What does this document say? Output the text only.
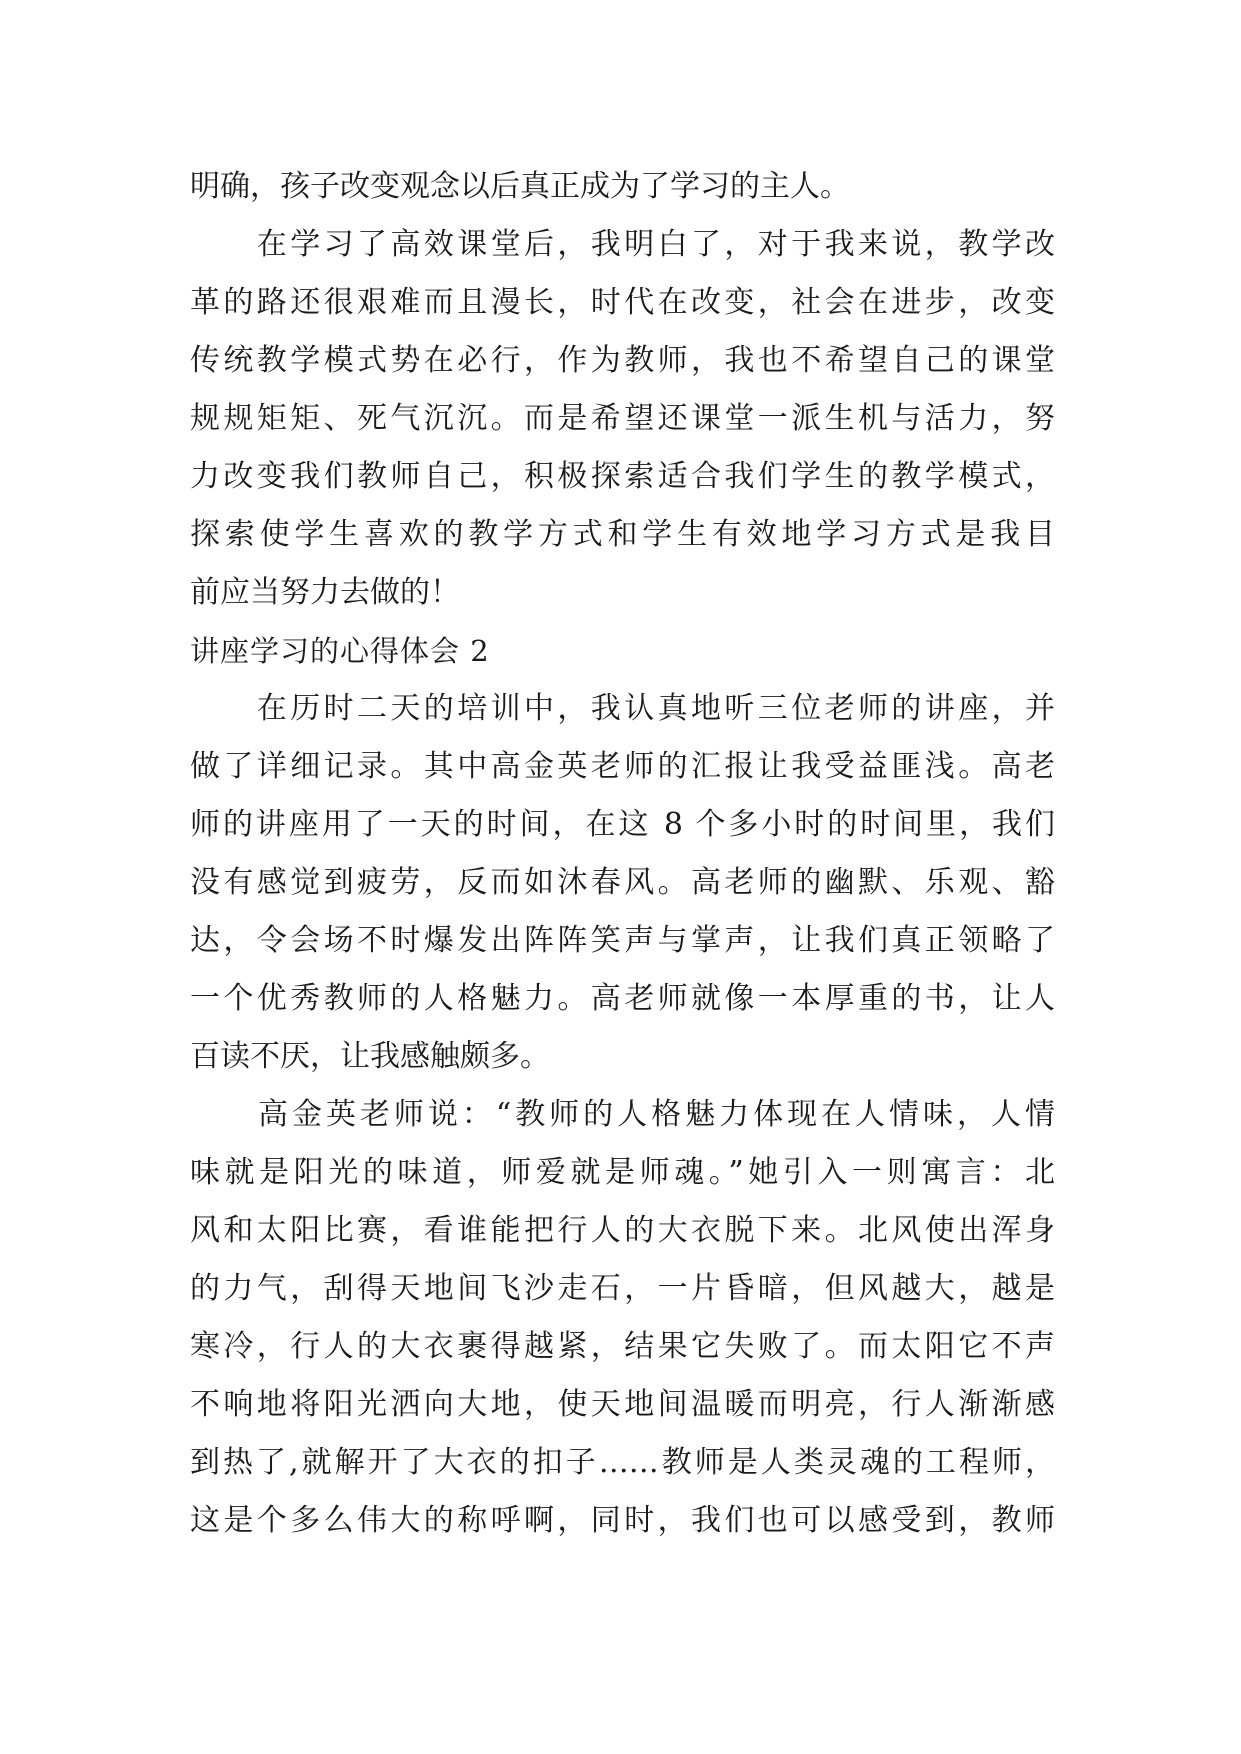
明确，孩子改变观念以后真正成为了学习的主人。
　　在学习了高效课堂后，我明白了，对于我来说，教学改
革的路还很艰难而且漫长，时代在改变，社会在进步，改变
传统教学模式势在必行，作为教师，我也不希望自己的课堂
规规矩矩、死气沉沉。而是希望还课堂一派生机与活力，努
力改变我们教师自己，积极探索适合我们学生的教学模式，
探索使学生喜欢的教学方式和学生有效地学习方式是我目
前应当努力去做的！
讲座学习的心得体会 2
　　在历时二天的培训中，我认真地听三位老师的讲座，并
做了详细记录。其中高金英老师的汇报让我受益匪浅。高老
师的讲座用了一天的时间，在这 8 个多小时的时间里，我们
没有感觉到疲劳，反而如沐春风。高老师的幽默、乐观、豁
达，令会场不时爆发出阵阵笑声与掌声，让我们真正领略了
一个优秀教师的人格魅力。高老师就像一本厚重的书，让人
百读不厌，让我感触颇多。
　　高金英老师说：“教师的人格魅力体现在人情味，人情
味就是阳光的味道，师爱就是师魂。”她引入一则寓言：北
风和太阳比赛，看谁能把行人的大衣脱下来。北风使出浑身
的力气，刮得天地间飞沙走石，一片昏暗，但风越大，越是
寒冷，行人的大衣裹得越紧，结果它失败了。而太阳它不声
不响地将阳光洒向大地，使天地间温暖而明亮，行人渐渐感
到热了,就解开了大衣的扣子……教师是人类灵魂的工程师，
这是个多么伟大的称呼啊，同时，我们也可以感受到，教师
